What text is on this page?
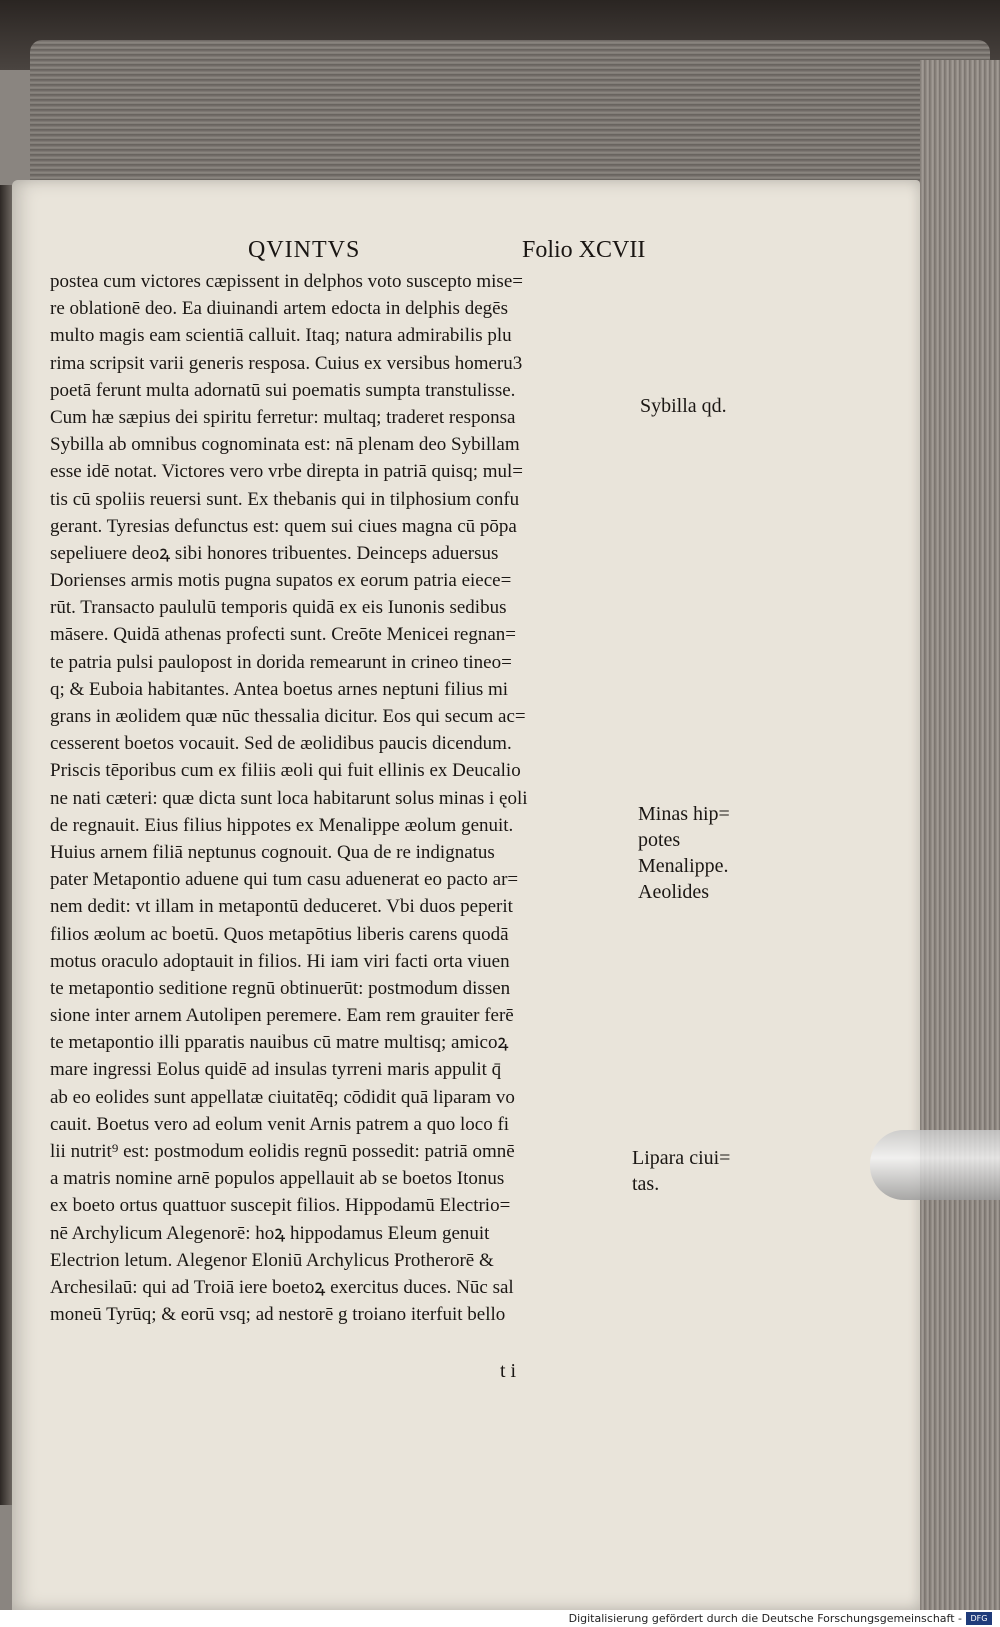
QVINTVS	Folio XCVII
postea cum victores cæpissent in delphos voto suscepto mise=
re oblationē deo. Ea diuinandi artem edocta in delphis degēs
multo magis eam scientiā calluit. Itaq; natura admirabilis plu
rima scripsit varii generis resposa. Cuius ex versibus homeru3
poetā ferunt multa adornatū sui poematis sumpta transtulisse.
Cum hæ sæpius dei spiritu ferretur: multaq; traderet responsa
Sybilla ab omnibus cognominata est: nā plenam deo Sybillam
esse idē notat. Victores vero vrbe direpta in patriā quisq; mul=
tis cū spoliis reuersi sunt. Ex thebanis qui in tilphosium confu
gerant. Tyresias defunctus est: quem sui ciues magna cū pōpa
sepeliuere deoꝝ sibi honores tribuentes. Deinceps aduersus
Dorienses armis motis pugna supatos ex eorum patria eiece=
rūt. Transacto paululū temporis quidā ex eis Iunonis sedibus
māsere. Quidā athenas profecti sunt. Creōte Menicei regnan=
te patria pulsi paulopost in dorida remearunt in crineo tineo=
q; & Euboia habitantes. Antea boetus arnes neptuni filius mi
grans in æolidem quæ nūc thessalia dicitur. Eos qui secum ac=
cesserent boetos vocauit. Sed de æolidibus paucis dicendum.
Priscis tēporibus cum ex filiis æoli qui fuit ellinis ex Deucalio
ne nati cæteri: quæ dicta sunt loca habitarunt solus minas i ęoli
de regnauit. Eius filius hippotes ex Menalippe æolum genuit.
Huius arnem filiā neptunus cognouit. Qua de re indignatus
pater Metapontio aduene qui tum casu aduenerat eo pacto ar=
nem dedit: vt illam in metapontū deduceret. Vbi duos peperit
filios æolum ac boetū. Quos metapōtius liberis carens quodā
motus oraculo adoptauit in filios. Hi iam viri facti orta viuen
te metapontio seditione regnū obtinuerūt: postmodum dissen
sione inter arnem Autolipen peremere. Eam rem grauiter ferē
te metapontio illi pparatis nauibus cū matre multisq; amicoꝝ
mare ingressi Eolus quidē ad insulas tyrreni maris appulit q̄
ab eo eolides sunt appellatæ ciuitatēq; cōdidit quā liparam vo
cauit. Boetus vero ad eolum venit Arnis patrem a quo loco fi
lii nutrit⁹ est: postmodum eolidis regnū possedit: patriā omnē
a matris nomine arnē populos appellauit ab se boetos Itonus
ex boeto ortus quattuor suscepit filios. Hippodamū Electrio=
nē Archylicum Alegenorē: hoꝝ hippodamus Eleum genuit
Electrion letum. Alegenor Eloniū Archylicus Protherorē &
Archesilaū: qui ad Troiā iere boetoꝝ exercitus duces. Nūc sal
moneū Tyrūq; & eorū vsq; ad nestorē g troiano iterfuit bello
Sybilla qd.
Minas hip=
potes
Menalippe.
Aeolides
Lipara ciui=
tas.
t i
Digitalisierung gefördert durch die Deutsche Forschungsgemeinschaft -	DFG
